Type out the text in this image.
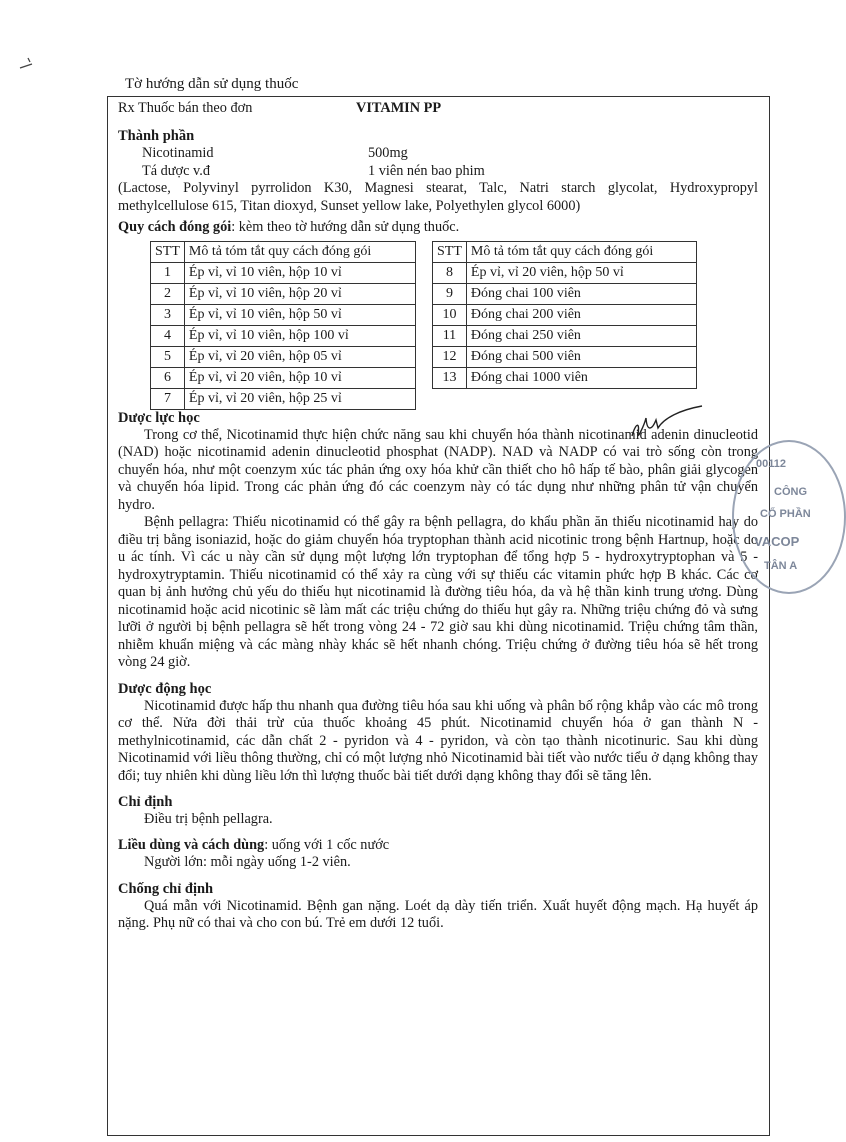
Tờ hướng dẫn sử dụng thuốc
Rx Thuốc bán theo đơn	VITAMIN PP
Thành phần
Nicotinamid	500mg
Tá dược v.đ	1 viên nén bao phim

(Lactose, Polyvinyl pyrrolidon K30, Magnesi stearat, Talc, Natri starch glycolat, Hydroxypropyl methylcellulose 615, Titan dioxyd, Sunset yellow lake, Polyethylen glycol 6000)

Quy cách đóng gói: kèm theo tờ hướng dẫn sử dụng thuốc.

STT	Mô tả tóm tắt quy cách đóng gói
1	Ép vỉ, vỉ 10 viên, hộp 10 vỉ
2	Ép vỉ, vỉ 10 viên, hộp 20 vỉ
3	Ép vỉ, vỉ 10 viên, hộp 50 vỉ
4	Ép vỉ, vỉ 10 viên, hộp 100 vỉ
5	Ép vỉ, vỉ 20 viên, hộp 05 vỉ
6	Ép vỉ, vỉ 20 viên, hộp 10 vỉ
7	Ép vỉ, vỉ 20 viên, hộp 25 vỉ
STT	Mô tả tóm tắt quy cách đóng gói
8	Ép vỉ, vỉ 20 viên, hộp 50 vỉ
9	Đóng chai 100 viên
10	Đóng chai 200 viên
11	Đóng chai 250 viên
12	Đóng chai 500 viên
13	Đóng chai 1000 viên
Dược lực học

Trong cơ thể, Nicotinamid thực hiện chức năng sau khi chuyển hóa thành nicotinamid adenin dinucleotid (NAD) hoặc nicotinamid adenin dinucleotid phosphat (NADP). NAD và NADP có vai trò sống còn trong chuyển hóa, như một coenzym xúc tác phản ứng oxy hóa khử cần thiết cho hô hấp tế bào, phân giải glycogen và chuyển hóa lipid. Trong các phản ứng đó các coenzym này có tác dụng như những phân tử vận chuyển hydro.

Bệnh pellagra: Thiếu nicotinamid có thể gây ra bệnh pellagra, do khẩu phần ăn thiếu nicotinamid hay do điều trị bằng isoniazid, hoặc do giảm chuyển hóa tryptophan thành acid nicotinic trong bệnh Hartnup, hoặc do u ác tính. Vì các u này cần sử dụng một lượng lớn tryptophan để tổng hợp 5 - hydroxytryptophan và 5 - hydroxytryptamin. Thiếu nicotinamid có thể xảy ra cùng với sự thiếu các vitamin phức hợp B khác. Các cơ quan bị ảnh hưởng chủ yếu do thiếu hụt nicotinamid là đường tiêu hóa, da và hệ thần kinh trung ương. Dùng nicotinamid hoặc acid nicotinic sẽ làm mất các triệu chứng do thiếu hụt gây ra. Những triệu chứng đỏ và sưng lưỡi ở người bị bệnh pellagra sẽ hết trong vòng 24 - 72 giờ sau khi dùng nicotinamid. Triệu chứng tâm thần, nhiễm khuẩn miệng và các màng nhày khác sẽ hết nhanh chóng. Triệu chứng ở đường tiêu hóa sẽ hết trong vòng 24 giờ.

Dược động học

Nicotinamid được hấp thu nhanh qua đường tiêu hóa sau khi uống và phân bố rộng khắp vào các mô trong cơ thể. Nửa đời thải trừ của thuốc khoảng 45 phút. Nicotinamid chuyển hóa ở gan thành N - methylnicotinamid, các dẫn chất 2 - pyridon và 4 - pyridon, và còn tạo thành nicotinuric. Sau khi dùng Nicotinamid với liều thông thường, chỉ có một lượng nhỏ Nicotinamid bài tiết vào nước tiểu ở dạng không thay đổi; tuy nhiên khi dùng liều lớn thì lượng thuốc bài tiết dưới dạng không thay đổi sẽ tăng lên.

Chỉ định

Điều trị bệnh pellagra.

Liều dùng và cách dùng: uống với 1 cốc nước

Người lớn: mỗi ngày uống 1-2 viên.

Chống chỉ định

Quá mẫn với Nicotinamid. Bệnh gan nặng. Loét dạ dày tiến triển. Xuất huyết động mạch. Hạ huyết áp nặng. Phụ nữ có thai và cho con bú. Trẻ em dưới 12 tuổi.

00112
CÔNG
CỔ PHẦN
VACOP
TÂN A
